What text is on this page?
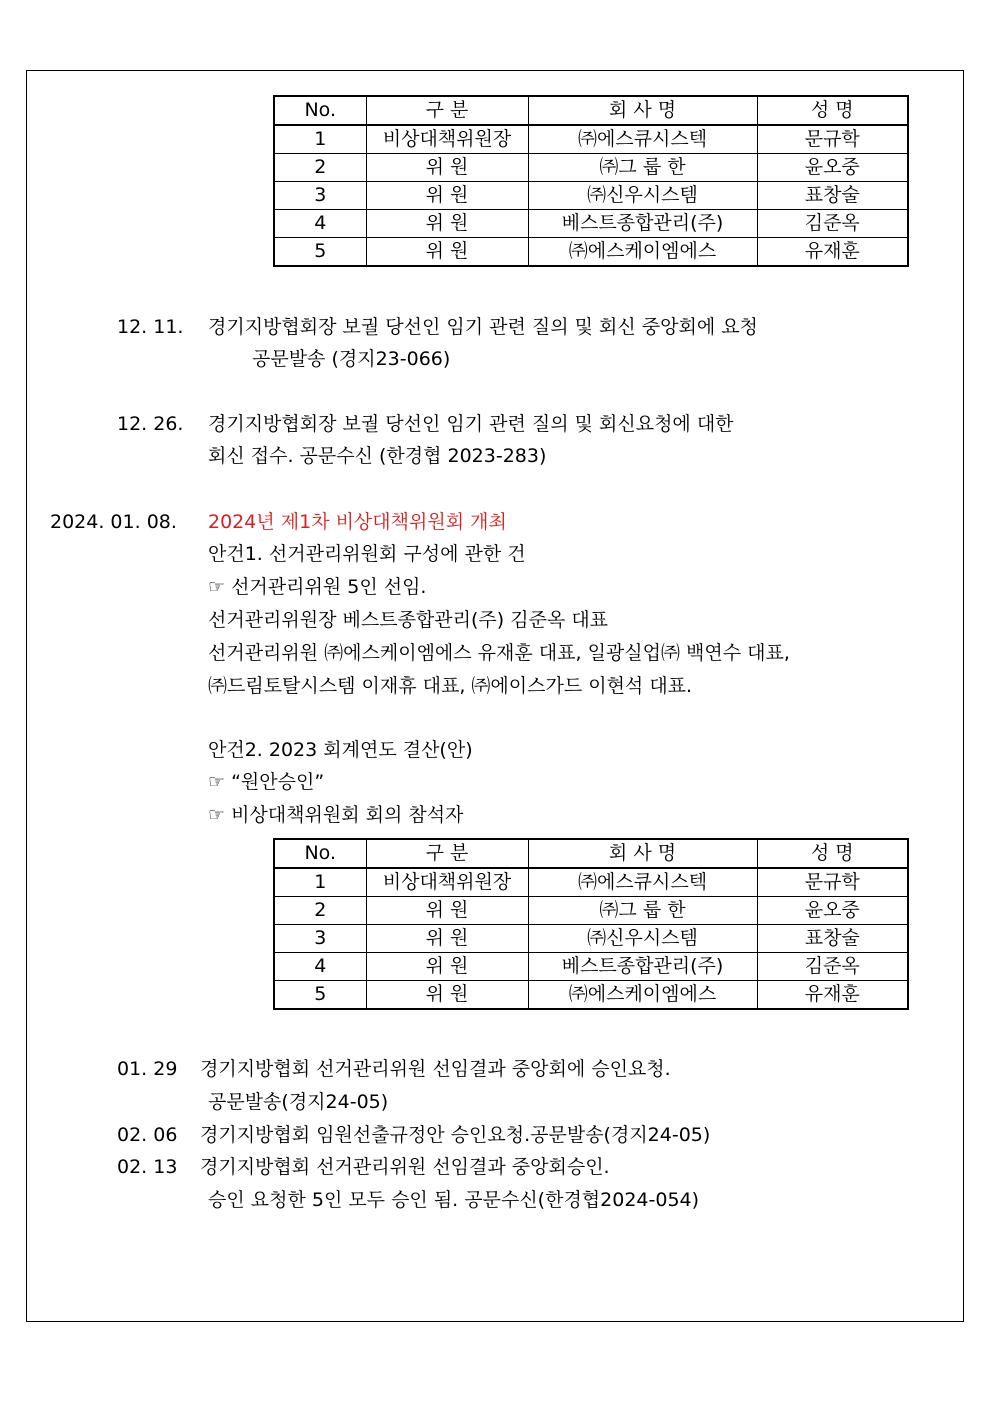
No.	구 분	회 사 명	성 명
1	비상대책위원장	㈜에스큐시스텍	문규학
2	위 원	㈜그 룹 한	윤오중
3	위 원	㈜신우시스템	표창술
4	위 원	베스트종합관리(주)	김준옥
5	위 원	㈜에스케이엠에스	유재훈
12. 11. 경기지방협회장 보궐 당선인 임기 관련 질의 및 회신 중앙회에 요청
공문발송 (경지23-066)
12. 26. 경기지방협회장 보궐 당선인 임기 관련 질의 및 회신요청에 대한
회신 접수. 공문수신 (한경협 2023-283)
2024. 01. 08. 2024년 제1차 비상대책위원회 개최
안건1. 선거관리위원회 구성에 관한 건
☞ 선거관리위원 5인 선임.
선거관리위원장 베스트종합관리(주) 김준옥 대표
선거관리위원 ㈜에스케이엠에스 유재훈 대표, 일광실업㈜ 백연수 대표,
㈜드림토탈시스템 이재휴 대표, ㈜에이스가드 이현석 대표.
안건2. 2023 회계연도 결산(안)
☞ “원안승인”
☞ 비상대책위원회 회의 참석자
No.	구 분	회 사 명	성 명
1	비상대책위원장	㈜에스큐시스텍	문규학
2	위 원	㈜그 룹 한	윤오중
3	위 원	㈜신우시스템	표창술
4	위 원	베스트종합관리(주)	김준옥
5	위 원	㈜에스케이엠에스	유재훈
01. 29 경기지방협회 선거관리위원 선임결과 중앙회에 승인요청.
공문발송(경지24-05)
02. 06 경기지방협회 임원선출규정안 승인요청.공문발송(경지24-05)
02. 13 경기지방협회 선거관리위원 선임결과 중앙회승인.
승인 요청한 5인 모두 승인 됨. 공문수신(한경협2024-054)
